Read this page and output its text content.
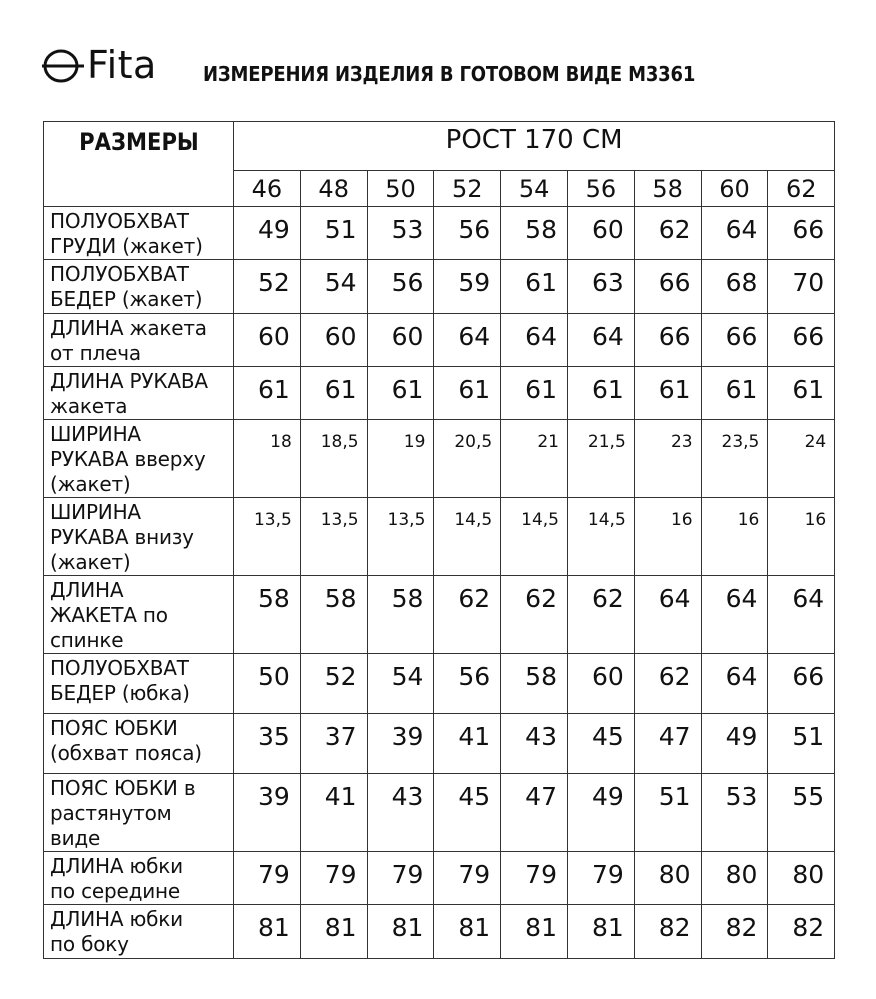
Fita ИЗМЕРЕНИЯ ИЗДЕЛИЯ В ГОТОВОМ ВИДЕ М3361
РАЗМЕРЫ	РОСТ 170 СМ								
	46	48	50	52	54	56	58	60	62

ПОЛУОБХВАТ
ГРУДИ (жакет)	49	51	53	56	58	60	62	64	66

ПОЛУОБХВАТ
БЕДЕР (жакет)	52	54	56	59	61	63	66	68	70

ДЛИНА жакета
от плеча	60	60	60	64	64	64	66	66	66

ДЛИНА РУКАВА
жакета	61	61	61	61	61	61	61	61	61

ШИРИНА
РУКАВА вверху
(жакет)	18	18,5	19	20,5	21	21,5	23	23,5	24

ШИРИНА
РУКАВА внизу
(жакет)	13,5	13,5	13,5	14,5	14,5	14,5	16	16	16

ДЛИНА
ЖАКЕТА по
спинке	58	58	58	62	62	62	64	64	64

ПОЛУОБХВАТ
БЕДЕР (юбка)	50	52	54	56	58	60	62	64	66

ПОЯС ЮБКИ
(обхват пояса)	35	37	39	41	43	45	47	49	51

ПОЯС ЮБКИ в
растянутом
виде	39	41	43	45	47	49	51	53	55

ДЛИНА юбки
по середине	79	79	79	79	79	79	80	80	80

ДЛИНА юбки
по боку	81	81	81	81	81	81	82	82	82
